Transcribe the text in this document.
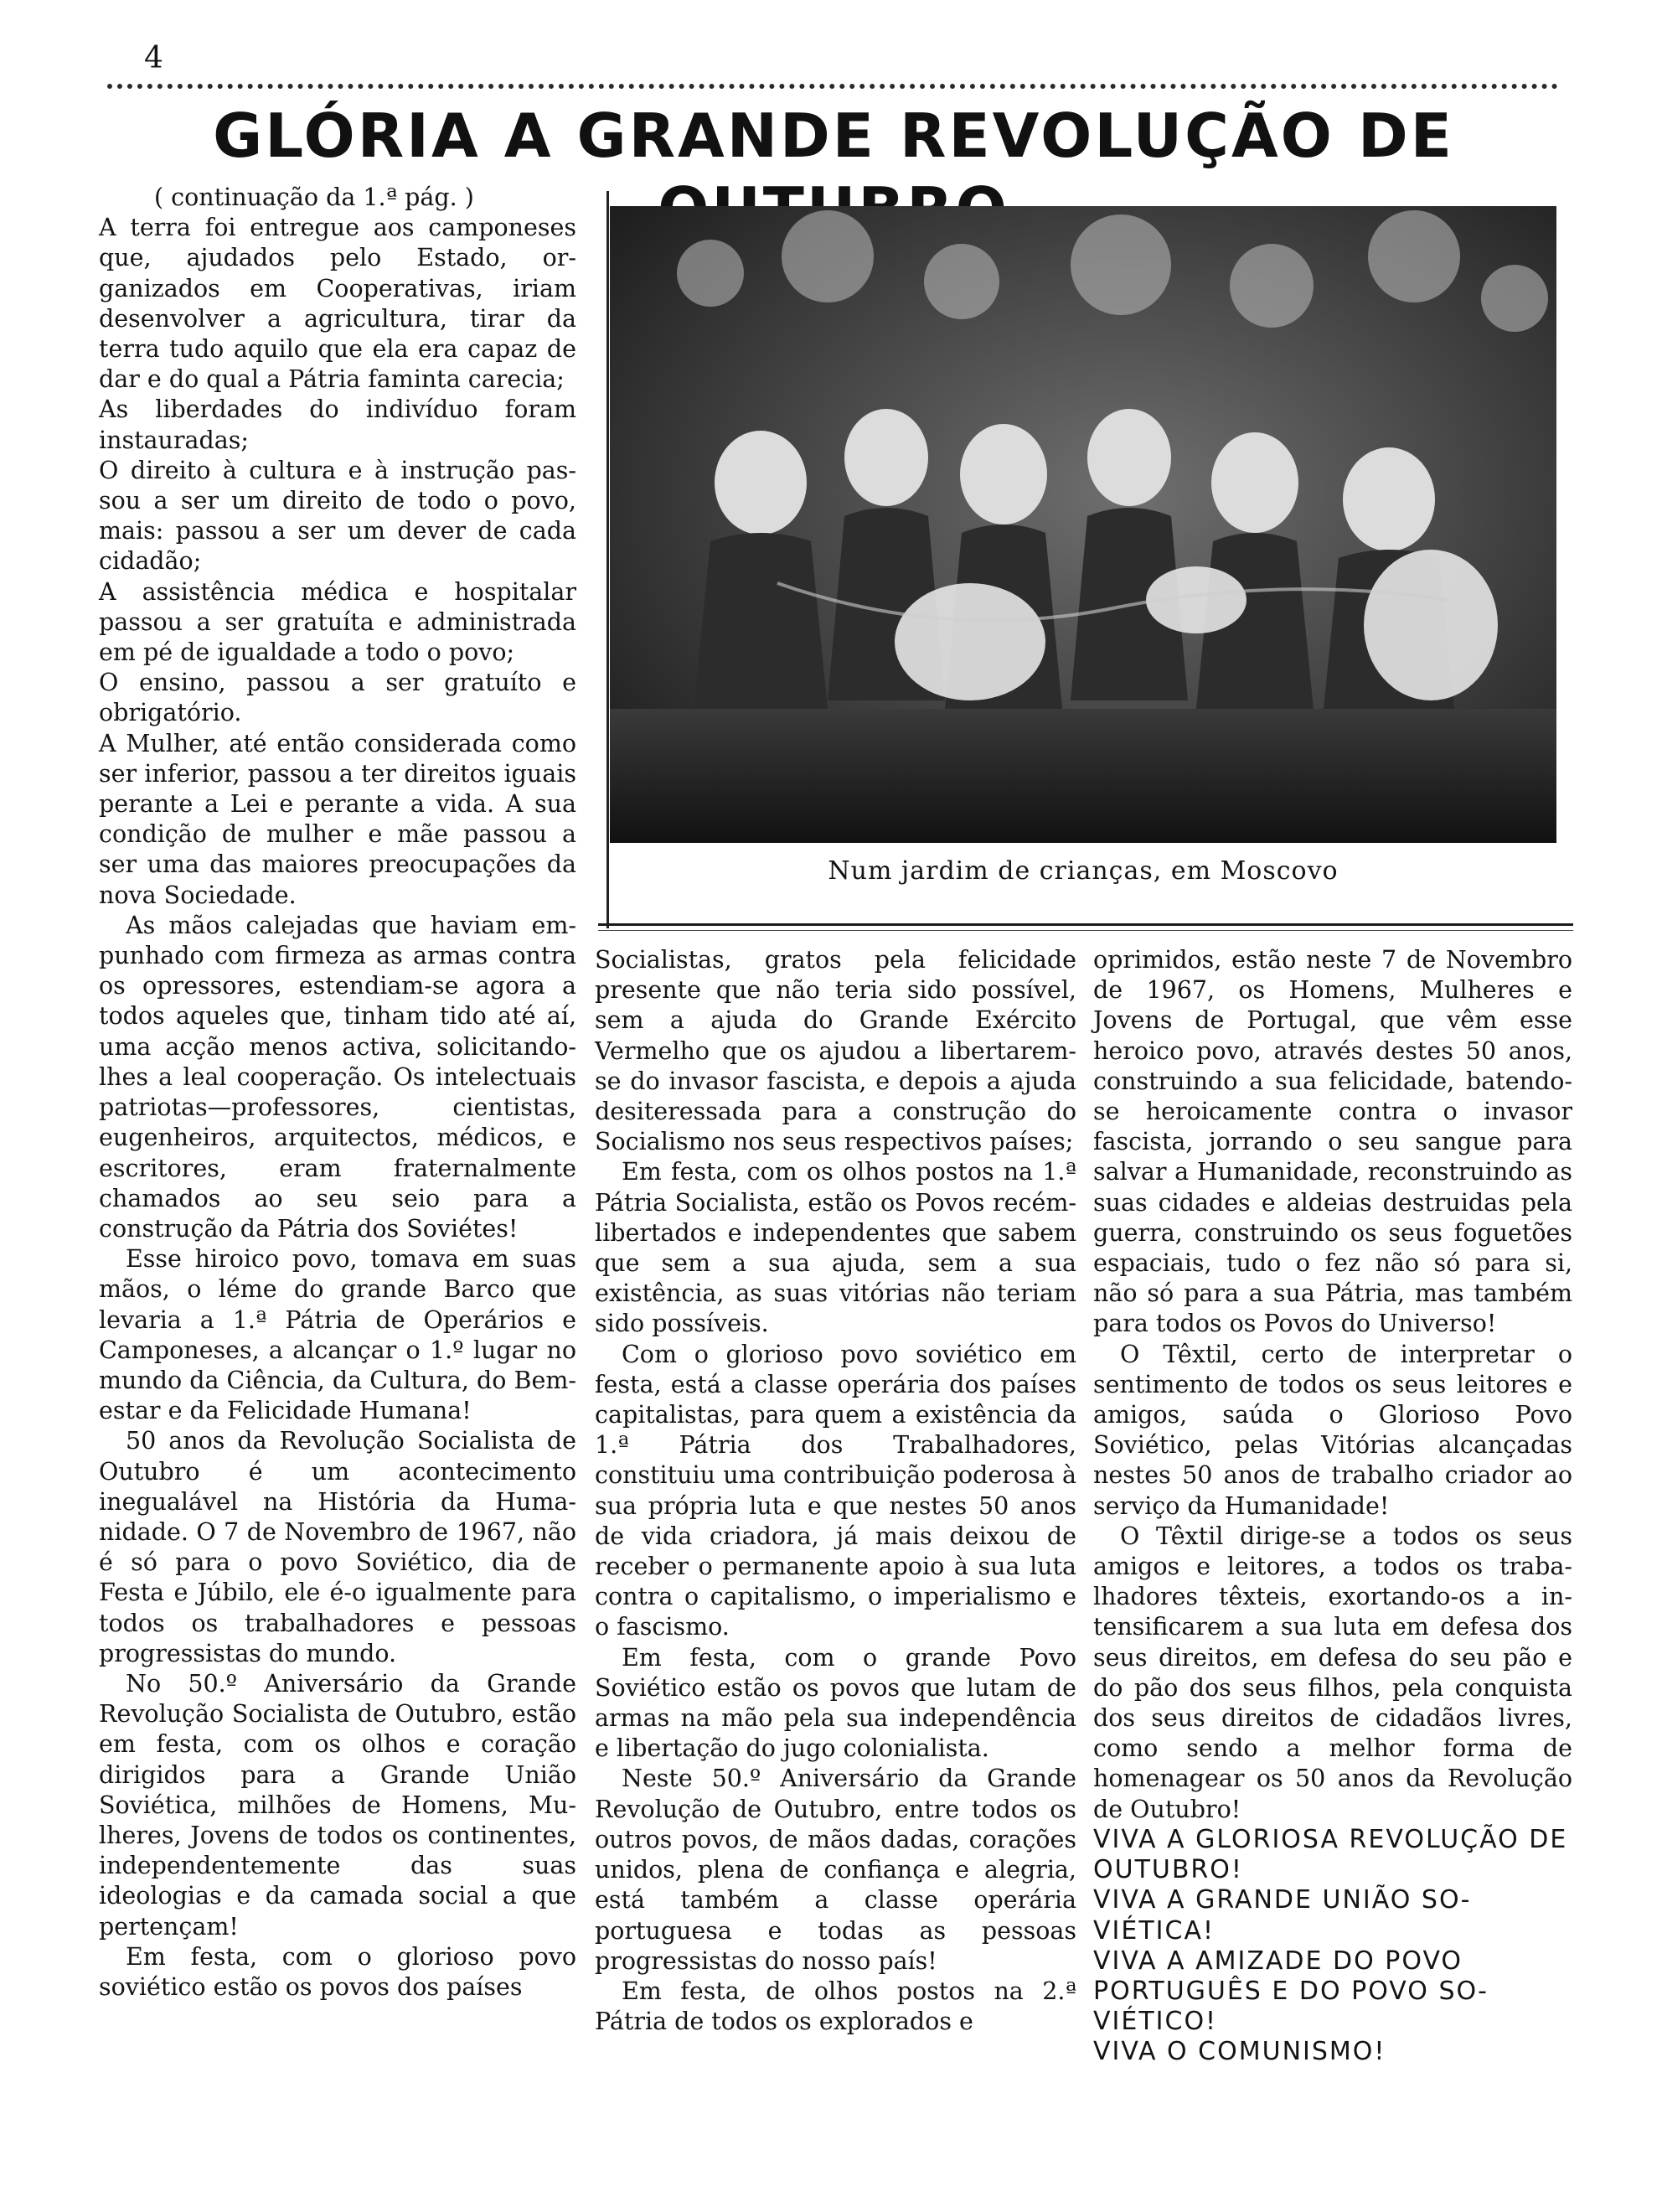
4
GLÓRIA A GRANDE REVOLUÇÃO DE

( continuação da 1.ª pág. )

A terra foi entregue aos camponeses que, ajudados pelo Estado, organizados em Cooperativas, iriam desenvolver a agricultura, tirar da terra tudo aquilo que ela era capaz de dar e do qual a Pátria faminta carecia;

As liberdades do indivíduo foram instauradas;

O direito à cultura e à instrução passou a ser um direito de todo o povo, mais: passou a ser um dever de cada cidadão;

A assistência médica e hospitalar passou a ser gratuíta e administrada em pé de igualdade a todo o povo;

O ensino, passou a ser gratuíto e obrigatório.

A Mulher, até então considerada como ser inferior, passou a ter direitos iguais perante a Lei e perante a vida. A sua condição de mulher e mãe passou a ser uma das maiores preocupações da nova Sociedade.

As mãos calejadas que haviam empunhado com firmeza as armas contra os opressores, estendiam-se agora a todos aqueles que, tinham tido até aí, uma acção menos activa, solicitando-lhes a leal cooperação. Os intelectuais patriotas—professores, cientistas, eugenheiros, arquitectos, médicos, e escritores, eram fraternalmente chamados ao seu seio para a construção da Pátria dos Soviétes!

Esse hiroico povo, tomava em suas mãos, o léme do grande Barco que levaria a 1.ª Pátria de Operários e Camponeses, a alcançar o 1.º lugar no mundo da Ciência, da Cultura, do Bem-estar e da Felicidade Humana!

50 anos da Revolução Socialista de Outubro é um acontecimento inegualável na História da Humanidade. O 7 de Novembro de 1967, não é só para o povo Soviético, dia de Festa e Júbilo, ele é-o igualmente para todos os trabalhadores e pessoas progressistas do mundo.

No 50.º Aniversário da Grande Revolução Socialista de Outubro, estão em festa, com os olhos e coração dirigidos para a Grande União Soviética, milhões de Homens, Mulheres, Jovens de todos os continentes, independentemente das suas ideologias e da camada social a que pertençam!

Em festa, com o glorioso povo soviético estão os povos dos países

Num jardim de crianças, em Moscovo

Socialistas, gratos pela felicidade presente que não teria sido possível, sem a ajuda do Grande Exército Vermelho que os ajudou a libertarem-se do invasor fascista, e depois a ajuda desiteressada para a construção do Socialismo nos seus respectivos países;

Em festa, com os olhos postos na 1.ª Pátria Socialista, estão os Povos recém-libertados e independentes que sabem que sem a sua ajuda, sem a sua existência, as suas vitórias não teriam sido possíveis.

Com o glorioso povo soviético em festa, está a classe operária dos países capitalistas, para quem a existência da 1.ª Pátria dos Trabalhadores, constituiu uma contribuição poderosa à sua própria luta e que nestes 50 anos de vida criadora, já mais deixou de receber o permanente apoio à sua luta contra o capitalismo, o imperialismo e o fascismo.

Em festa, com o grande Povo Soviético estão os povos que lutam de armas na mão pela sua independência e libertação do jugo colonialista.

Neste 50.º Aniversário da Grande Revolução de Outubro, entre todos os outros povos, de mãos dadas, corações unidos, plena de confiança e alegria, está também a classe operária portuguesa e todas as pessoas progressistas do nosso país!

Em festa, de olhos postos na 2.ª Pátria de todos os explorados e

oprimidos, estão neste 7 de Novembro de 1967, os Homens, Mulheres e Jovens de Portugal, que vêm esse heroico povo, através destes 50 anos, construindo a sua felicidade, batendo-se heroicamente contra o invasor fascista, jorrando o seu sangue para salvar a Humanidade, reconstruindo as suas cidades e aldeias destruidas pela guerra, construindo os seus foguetões espaciais, tudo o fez não só para si, não só para a sua Pátria, mas também para todos os Povos do Universo!

O Têxtil, certo de interpretar o sentimento de todos os seus leitores e amigos, saúda o Glorioso Povo Soviético, pelas Vitórias alcançadas nestes 50 anos de trabalho criador ao serviço da Humanidade!

O Têxtil dirige-se a todos os seus amigos e leitores, a todos os trabalhadores têxteis, exortando-os a intensificarem a sua luta em defesa dos seus direitos, em defesa do seu pão e do pão dos seus filhos, pela conquista dos seus direitos de cidadãos livres, como sendo a melhor forma de homenagear os 50 anos da Revolução de Outubro!

VIVA A GLORIOSA REVOLUÇÃO DE OUTUBRO!

VIVA A GRANDE UNIÃO SOVIÉTICA!

VIVA A AMIZADE DO POVO PORTUGUÊS E DO POVO SOVIÉTICO!

VIVA O COMUNISMO!
